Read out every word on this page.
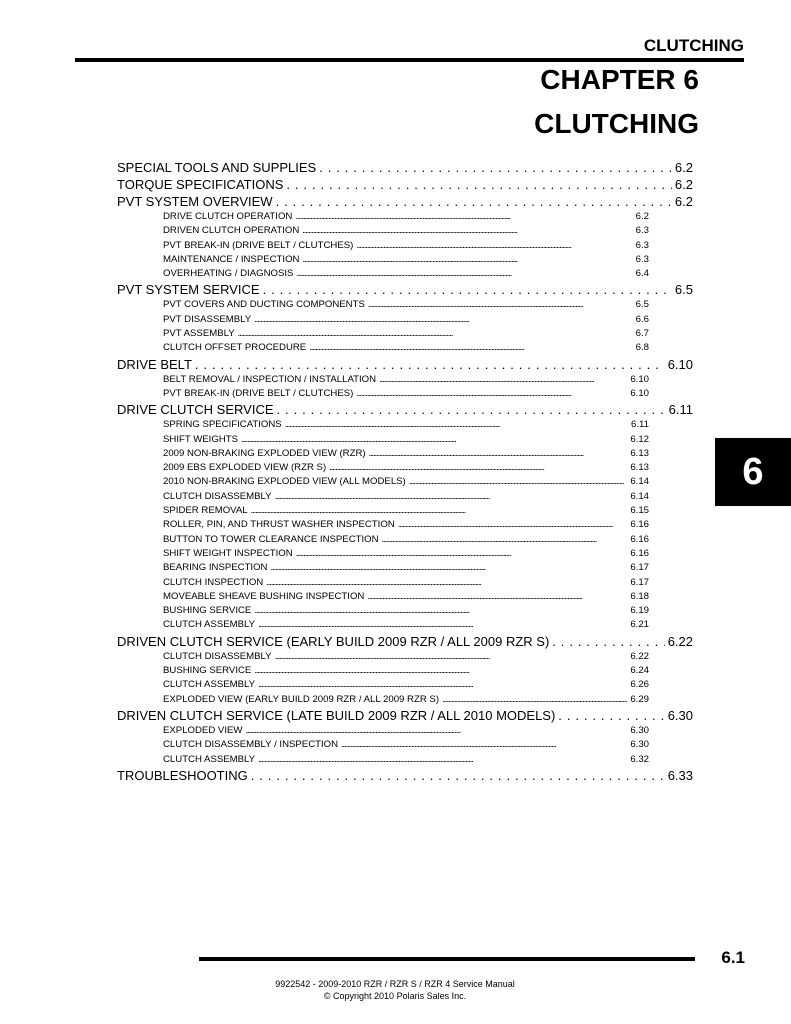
CLUTCHING
CHAPTER 6
CLUTCHING
SPECIAL TOOLS AND SUPPLIES . . .	6.2
TORQUE SPECIFICATIONS . . .	6.2
PVT SYSTEM OVERVIEW . . .	6.2
DRIVE CLUTCH OPERATION . . .	6.2
DRIVEN CLUTCH OPERATION . . .	6.3
PVT BREAK-IN (DRIVE BELT / CLUTCHES) . . .	6.3
MAINTENANCE / INSPECTION . . .	6.3
OVERHEATING / DIAGNOSIS . . .	6.4
PVT SYSTEM SERVICE . . .	6.5
PVT COVERS AND DUCTING COMPONENTS . . .	6.5
PVT DISASSEMBLY . . .	6.6
PVT ASSEMBLY . . .	6.7
CLUTCH OFFSET PROCEDURE . . .	6.8
DRIVE BELT . . .	6.10
BELT REMOVAL / INSPECTION / INSTALLATION . . .	6.10
PVT BREAK-IN (DRIVE BELT / CLUTCHES) . . .	6.10
DRIVE CLUTCH SERVICE . . .	6.11
SPRING SPECIFICATIONS . . .	6.11
SHIFT WEIGHTS . . .	6.12
2009 NON-BRAKING EXPLODED VIEW (RZR) . . .	6.13
2009 EBS EXPLODED VIEW (RZR S) . . .	6.13
2010 NON-BRAKING EXPLODED VIEW (ALL MODELS) . . .	6.14
CLUTCH DISASSEMBLY . . .	6.14
SPIDER REMOVAL . . .	6.15
ROLLER, PIN, AND THRUST WASHER INSPECTION . . .	6.16
BUTTON TO TOWER CLEARANCE INSPECTION . . .	6.16
SHIFT WEIGHT INSPECTION . . .	6.16
BEARING INSPECTION . . .	6.17
CLUTCH INSPECTION . . .	6.17
MOVEABLE SHEAVE BUSHING INSPECTION . . .	6.18
BUSHING SERVICE . . .	6.19
CLUTCH ASSEMBLY . . .	6.21
DRIVEN CLUTCH SERVICE (EARLY BUILD 2009 RZR / ALL 2009 RZR S) . . .	6.22
CLUTCH DISASSEMBLY . . .	6.22
BUSHING SERVICE . . .	6.24
CLUTCH ASSEMBLY . . .	6.26
EXPLODED VIEW (EARLY BUILD 2009 RZR / ALL 2009 RZR S) . . .	6.29
DRIVEN CLUTCH SERVICE (LATE BUILD 2009 RZR / ALL 2010 MODELS) . . .	6.30
EXPLODED VIEW . . .	6.30
CLUTCH DISASSEMBLY / INSPECTION . . .	6.30
CLUTCH ASSEMBLY . . .	6.32
TROUBLESHOOTING . . .	6.33
6
6.1
9922542 - 2009-2010 RZR / RZR S / RZR 4 Service Manual
© Copyright 2010 Polaris Sales Inc.
